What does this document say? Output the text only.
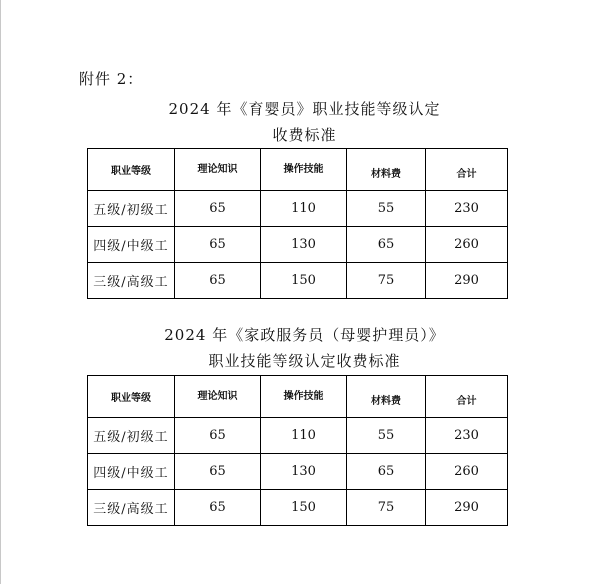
附件 2：
2024 年《育婴员》职业技能等级认定
收费标准
职业等级	理论知识	操作技能	材料费	合计
五级/初级工	65	110	55	230
四级/中级工	65	130	65	260
三级/高级工	65	150	75	290
2024 年《家政服务员（母婴护理员）》
职业技能等级认定收费标准
职业等级	理论知识	操作技能	材料费	合计
五级/初级工	65	110	55	230
四级/中级工	65	130	65	260
三级/高级工	65	150	75	290
